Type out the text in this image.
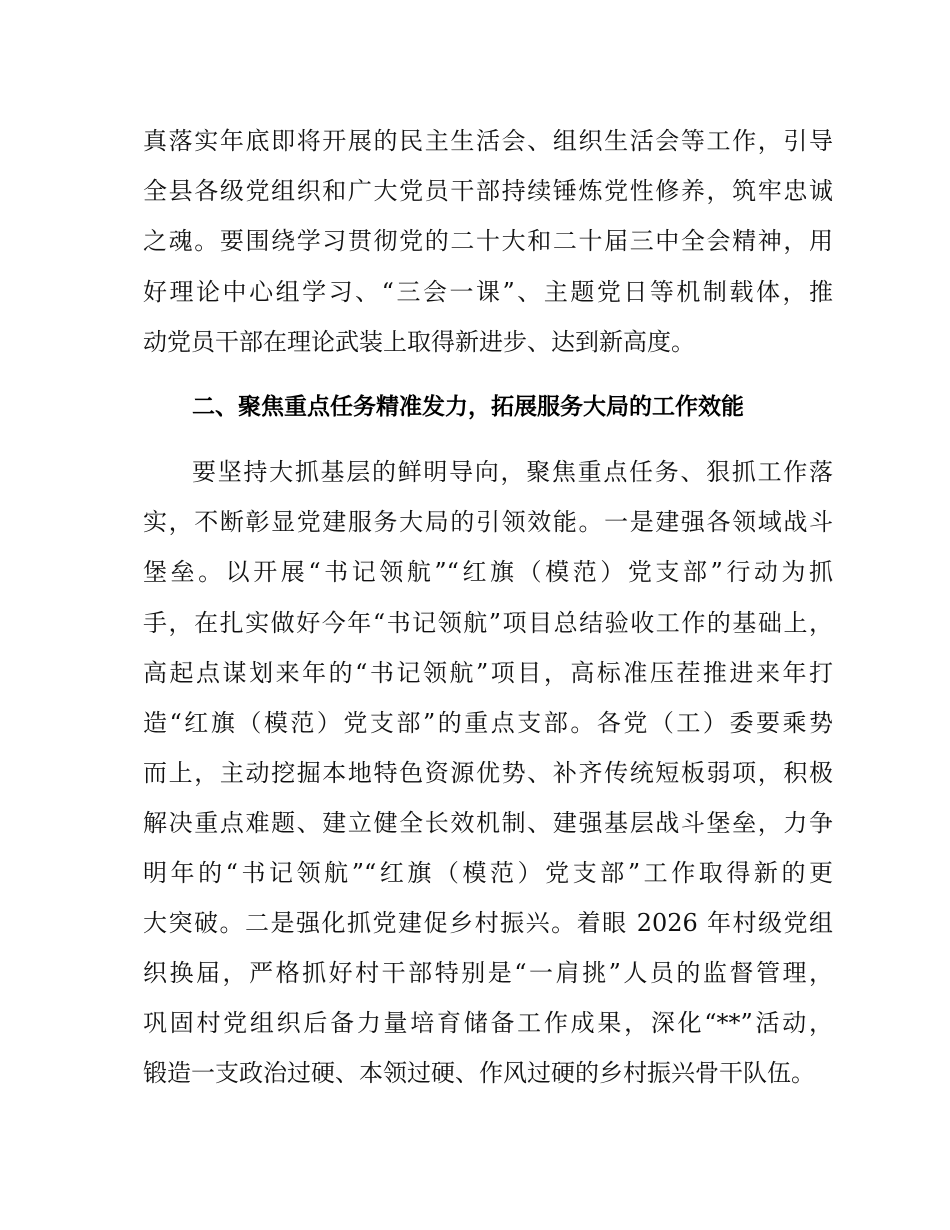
真落实年底即将开展的民主生活会、组织生活会等工作，引导
全县各级党组织和广大党员干部持续锤炼党性修养，筑牢忠诚
之魂。要围绕学习贯彻党的二十大和二十届三中全会精神，用
好理论中心组学习、“三会一课”、主题党日等机制载体，推
动党员干部在理论武装上取得新进步、达到新高度。
二、聚焦重点任务精准发力，拓展服务大局的工作效能
要坚持大抓基层的鲜明导向，聚焦重点任务、狠抓工作落
实，不断彰显党建服务大局的引领效能。一是建强各领域战斗
堡垒。以开展“书记领航”“红旗（模范）党支部”行动为抓
手，在扎实做好今年“书记领航”项目总结验收工作的基础上，
高起点谋划来年的“书记领航”项目，高标准压茬推进来年打
造“红旗（模范）党支部”的重点支部。各党（工）委要乘势
而上，主动挖掘本地特色资源优势、补齐传统短板弱项，积极
解决重点难题、建立健全长效机制、建强基层战斗堡垒，力争
明年的“书记领航”“红旗（模范）党支部”工作取得新的更
大突破。二是强化抓党建促乡村振兴。着眼 2026 年村级党组
织换届，严格抓好村干部特别是“一肩挑”人员的监督管理，
巩固村党组织后备力量培育储备工作成果，深化“**”活动，
锻造一支政治过硬、本领过硬、作风过硬的乡村振兴骨干队伍。
